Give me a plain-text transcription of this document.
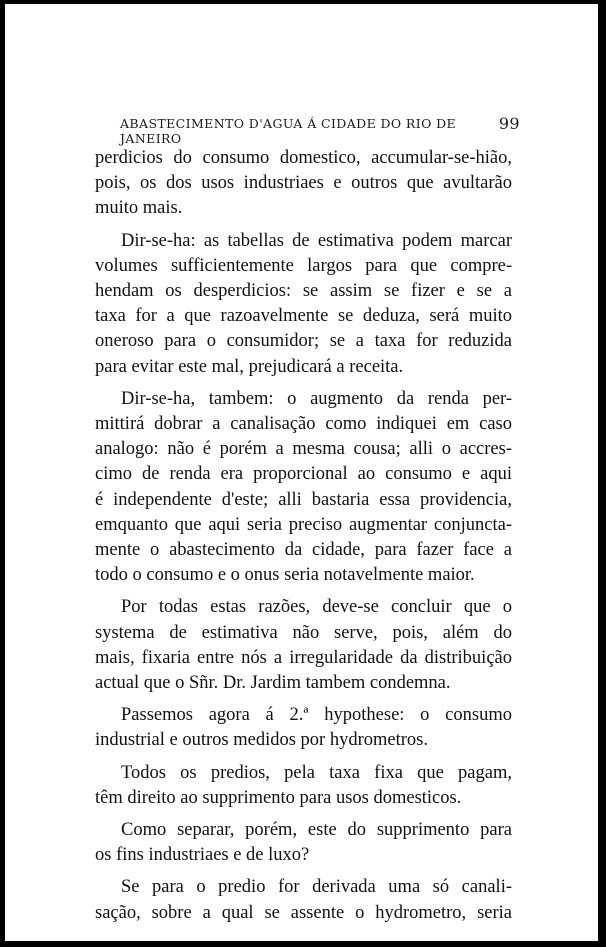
ABASTECIMENTO D'AGUA Á CIDADE DO RIO DE JANEIRO
99
perdicios do consumo domestico, accumular-se-hião,
pois, os dos usos industriaes e outros que avultarão
muito mais.
Dir-se-ha: as tabellas de estimativa podem marcar
volumes sufficientemente largos para que compre-
hendam os desperdicios: se assim se fizer e se a
taxa for a que razoavelmente se deduza, será muito
oneroso para o consumidor; se a taxa for reduzida
para evitar este mal, prejudicará a receita.
Dir-se-ha, tambem: o augmento da renda per-
mittirá dobrar a canalisação como indiquei em caso
analogo: não é porém a mesma cousa; alli o accres-
cimo de renda era proporcional ao consumo e aqui
é independente d'este; alli bastaria essa providencia,
emquanto que aqui seria preciso augmentar conjuncta-
mente o abastecimento da cidade, para fazer face a
todo o consumo e o onus seria notavelmente maior.
Por todas estas razões, deve-se concluir que o
systema de estimativa não serve, pois, além do
mais, fixaria entre nós a irregularidade da distribuição
actual que o Sñr. Dr. Jardim tambem condemna.
Passemos agora á 2.ª hypothese: o consumo
industrial e outros medidos por hydrometros.
Todos os predios, pela taxa fixa que pagam,
têm direito ao supprimento para usos domesticos.
Como separar, porém, este do supprimento para
os fins industriaes e de luxo?
Se para o predio for derivada uma só canali-
sação, sobre a qual se assente o hydrometro, seria
